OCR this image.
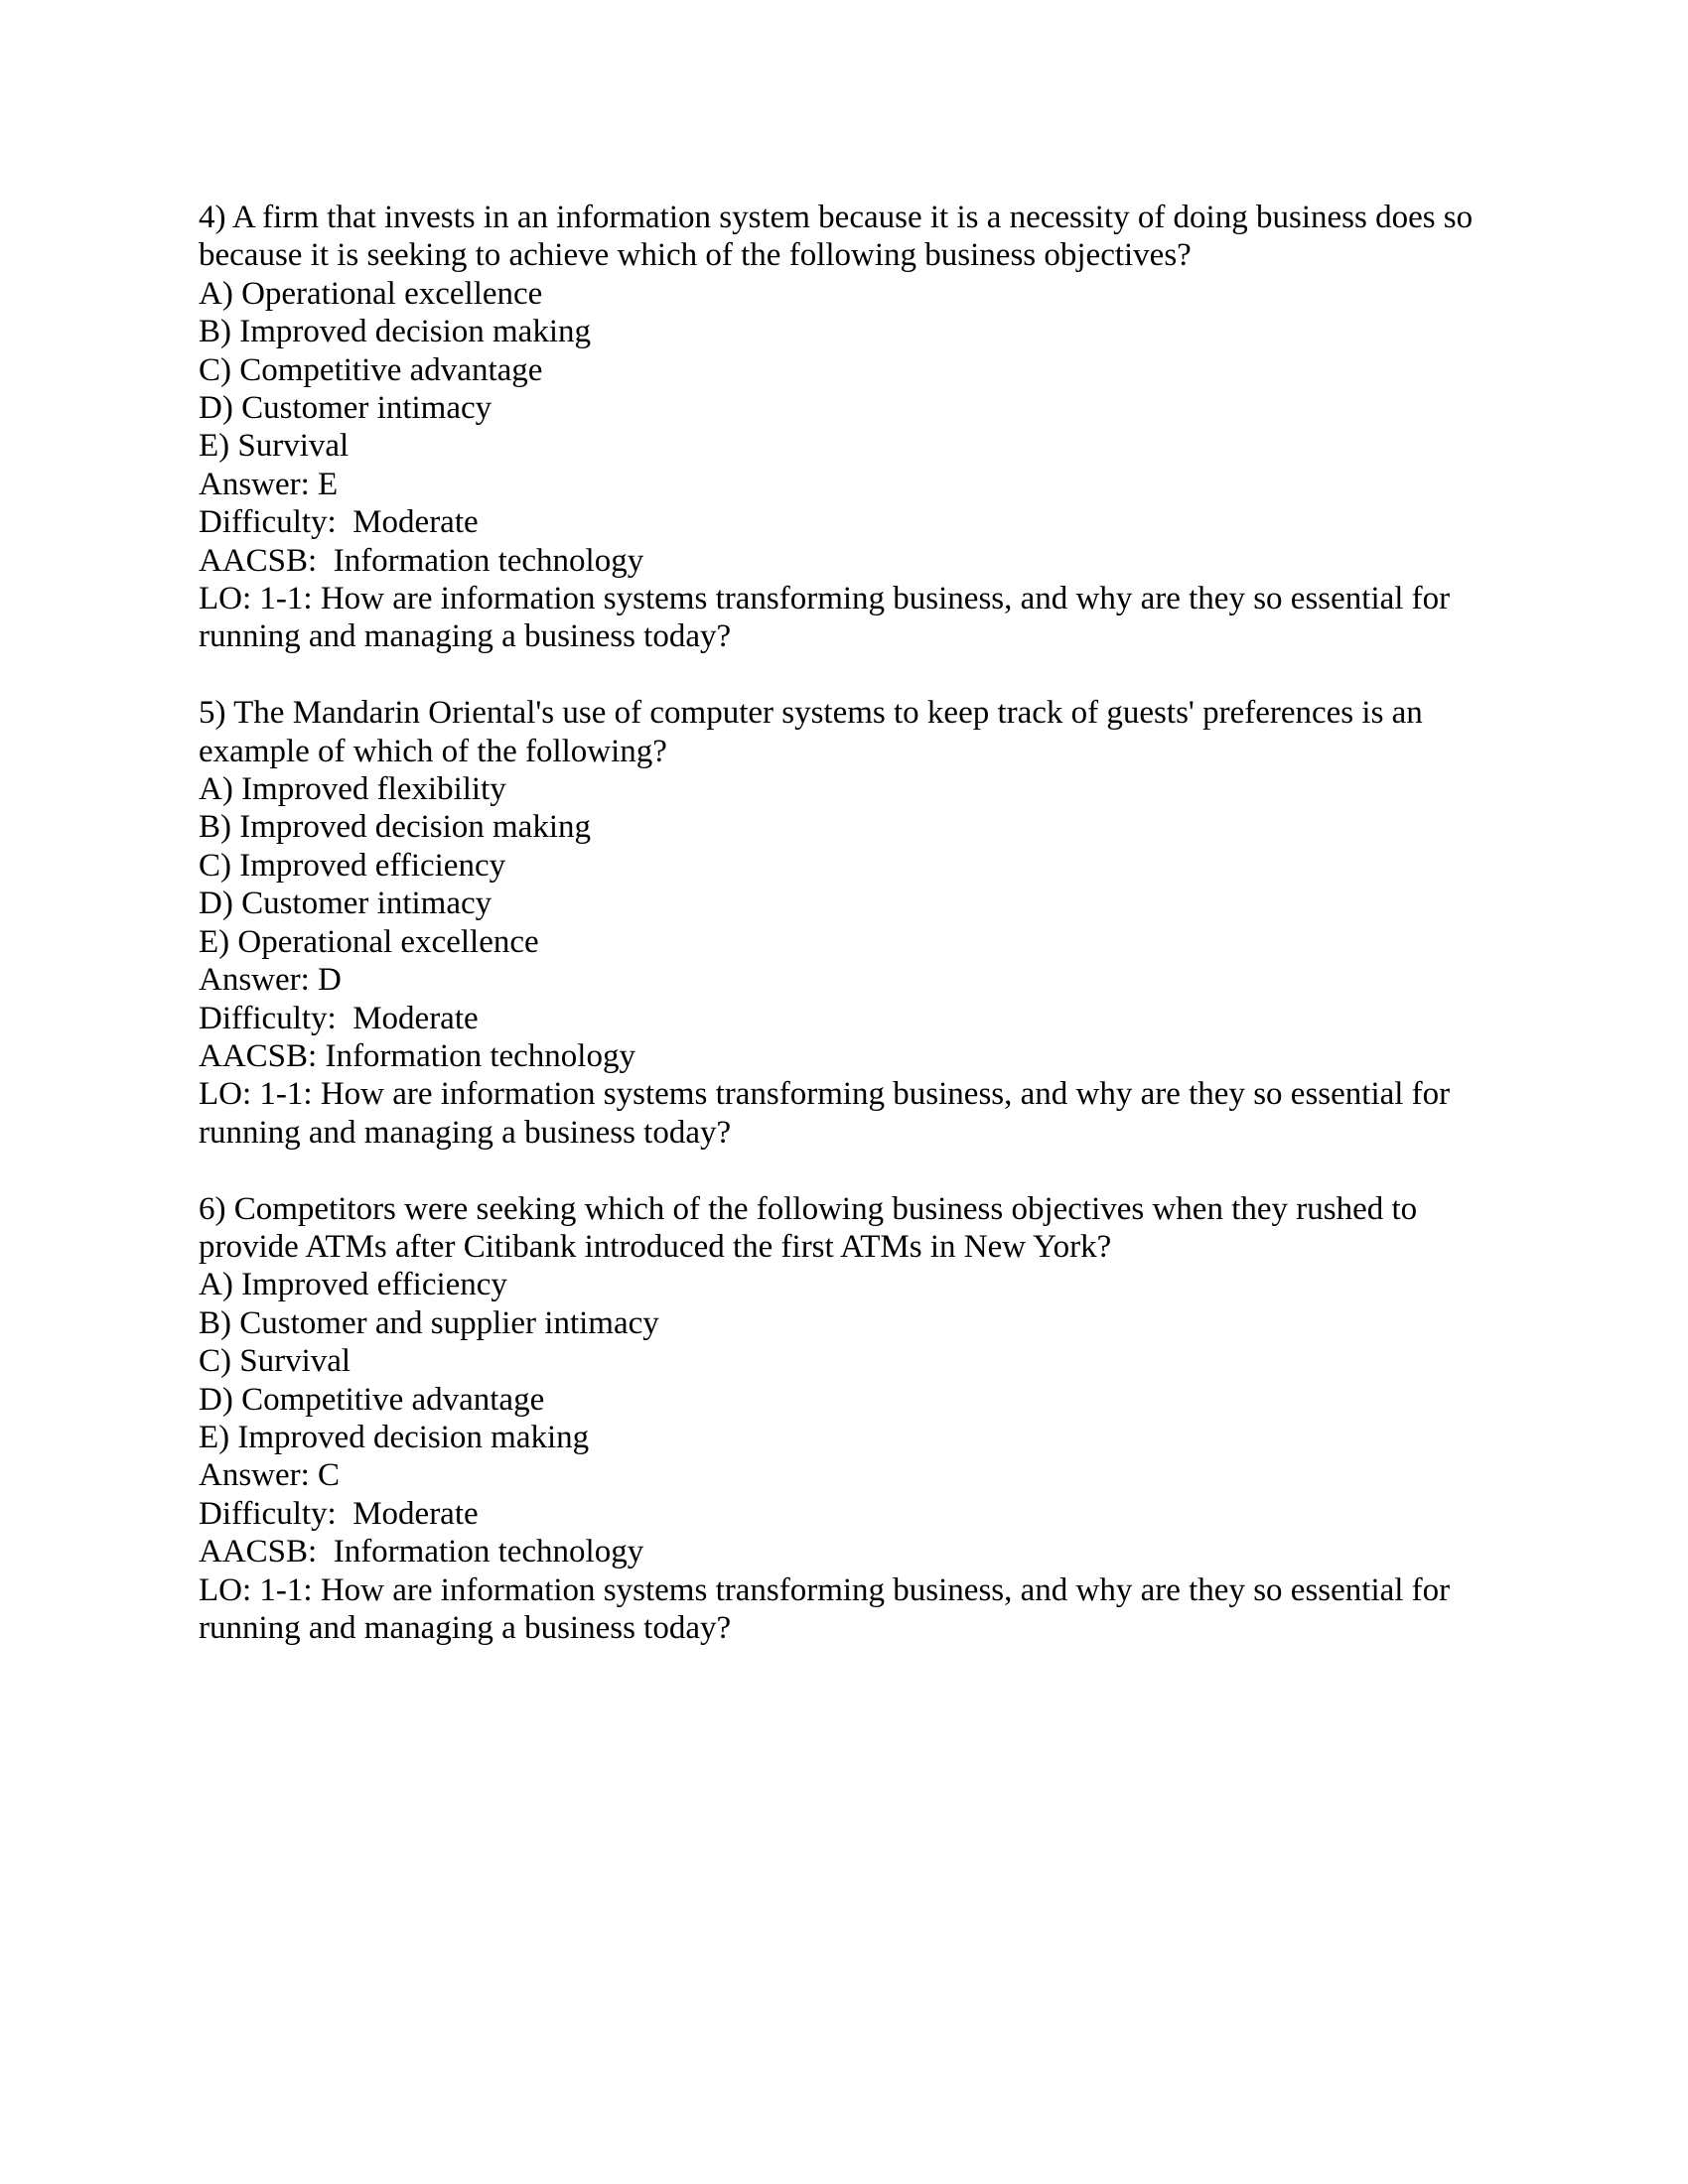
4) A firm that invests in an information system because it is a necessity of doing business does so because it is seeking to achieve which of the following business objectives?
A) Operational excellence
B) Improved decision making
C) Competitive advantage
D) Customer intimacy
E) Survival
Answer: E
Difficulty:  Moderate
AACSB:  Information technology
LO: 1-1: How are information systems transforming business, and why are they so essential for running and managing a business today?
5) The Mandarin Oriental's use of computer systems to keep track of guests' preferences is an example of which of the following?
A) Improved flexibility
B) Improved decision making
C) Improved efficiency
D) Customer intimacy
E) Operational excellence
Answer: D
Difficulty:  Moderate
AACSB: Information technology
LO: 1-1: How are information systems transforming business, and why are they so essential for running and managing a business today?
6) Competitors were seeking which of the following business objectives when they rushed to provide ATMs after Citibank introduced the first ATMs in New York?
A) Improved efficiency
B) Customer and supplier intimacy
C) Survival
D) Competitive advantage
E) Improved decision making
Answer: C
Difficulty:  Moderate
AACSB:  Information technology
LO: 1-1: How are information systems transforming business, and why are they so essential for running and managing a business today?
